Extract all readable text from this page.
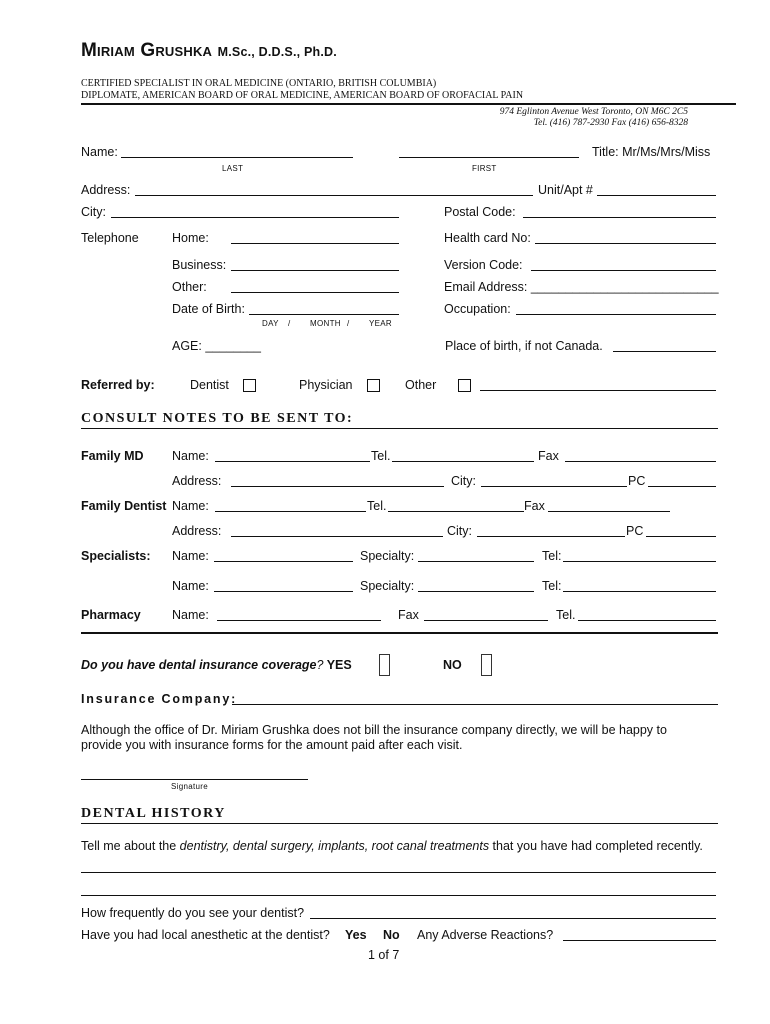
Miriam Grushka M.Sc., D.D.S., Ph.D.
CERTIFIED SPECIALIST IN ORAL MEDICINE (ONTARIO, BRITISH COLUMBIA)
DIPLOMATE, AMERICAN BOARD OF ORAL MEDICINE, AMERICAN BOARD OF OROFACIAL PAIN
974 Eglinton Avenue West Toronto, ON M6C 2C5
Tel. (416) 787-2930 Fax (416) 656-8328
Name:
LAST	FIRST
Title: Mr/Ms/Mrs/Miss
Address:	Unit/Apt #
City:	Postal Code:
Telephone	Home:	Health card No:
Business:	Version Code:
Other:	Email Address: ___________________________
Date of Birth:	Occupation:
DAY / MONTH / YEAR
AGE: ________	Place of birth, if not Canada.
Referred by:	Dentist	Physician	Other
CONSULT NOTES TO BE SENT TO:
Family MD Name:	Tel.	Fax
Address:	City:	PC
Family Dentist Name:	Tel.	Fax
Address:	City:	PC
Specialists: Name:	Specialty:	Tel:
Name:	Specialty:	Tel:
Pharmacy Name:	Fax	Tel.
Do you have dental insurance coverage? YES	NO
Insurance Company:
Although the office of Dr. Miriam Grushka does not bill the insurance company directly, we will be happy to
provide you with insurance forms for the amount paid after each visit.
Signature
DENTAL HISTORY
Tell me about the dentistry, dental surgery, implants, root canal treatments that you have had completed recently.
How frequently do you see your dentist?
Have you had local anesthetic at the dentist? Yes No Any Adverse Reactions?
1 of 7
